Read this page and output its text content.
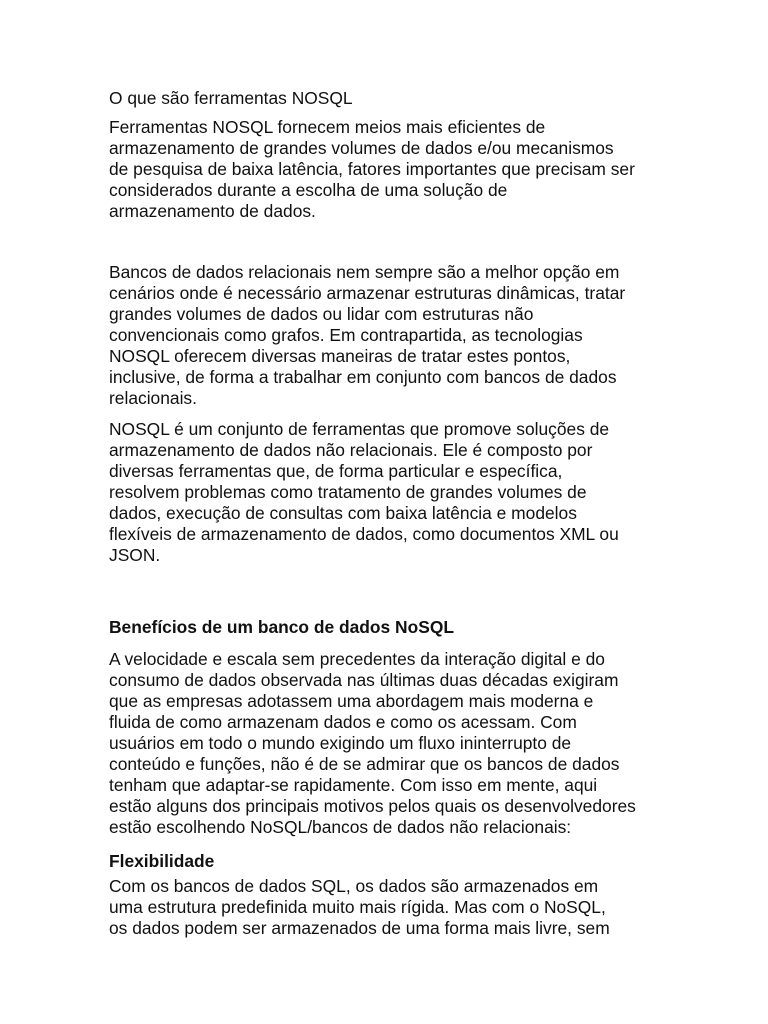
O que são ferramentas NOSQL
Ferramentas NOSQL fornecem meios mais eficientes de
armazenamento de grandes volumes de dados e/ou mecanismos
de pesquisa de baixa latência, fatores importantes que precisam ser
considerados durante a escolha de uma solução de
armazenamento de dados.
Bancos de dados relacionais nem sempre são a melhor opção em
cenários onde é necessário armazenar estruturas dinâmicas, tratar
grandes volumes de dados ou lidar com estruturas não
convencionais como grafos. Em contrapartida, as tecnologias
NOSQL oferecem diversas maneiras de tratar estes pontos,
inclusive, de forma a trabalhar em conjunto com bancos de dados
relacionais.
NOSQL é um conjunto de ferramentas que promove soluções de
armazenamento de dados não relacionais. Ele é composto por
diversas ferramentas que, de forma particular e específica,
resolvem problemas como tratamento de grandes volumes de
dados, execução de consultas com baixa latência e modelos
flexíveis de armazenamento de dados, como documentos XML ou
JSON.
Benefícios de um banco de dados NoSQL
A velocidade e escala sem precedentes da interação digital e do
consumo de dados observada nas últimas duas décadas exigiram
que as empresas adotassem uma abordagem mais moderna e
fluida de como armazenam dados e como os acessam. Com
usuários em todo o mundo exigindo um fluxo ininterrupto de
conteúdo e funções, não é de se admirar que os bancos de dados
tenham que adaptar-se rapidamente. Com isso em mente, aqui
estão alguns dos principais motivos pelos quais os desenvolvedores
estão escolhendo NoSQL/bancos de dados não relacionais:
Flexibilidade
Com os bancos de dados SQL, os dados são armazenados em
uma estrutura predefinida muito mais rígida. Mas com o NoSQL,
os dados podem ser armazenados de uma forma mais livre, sem
